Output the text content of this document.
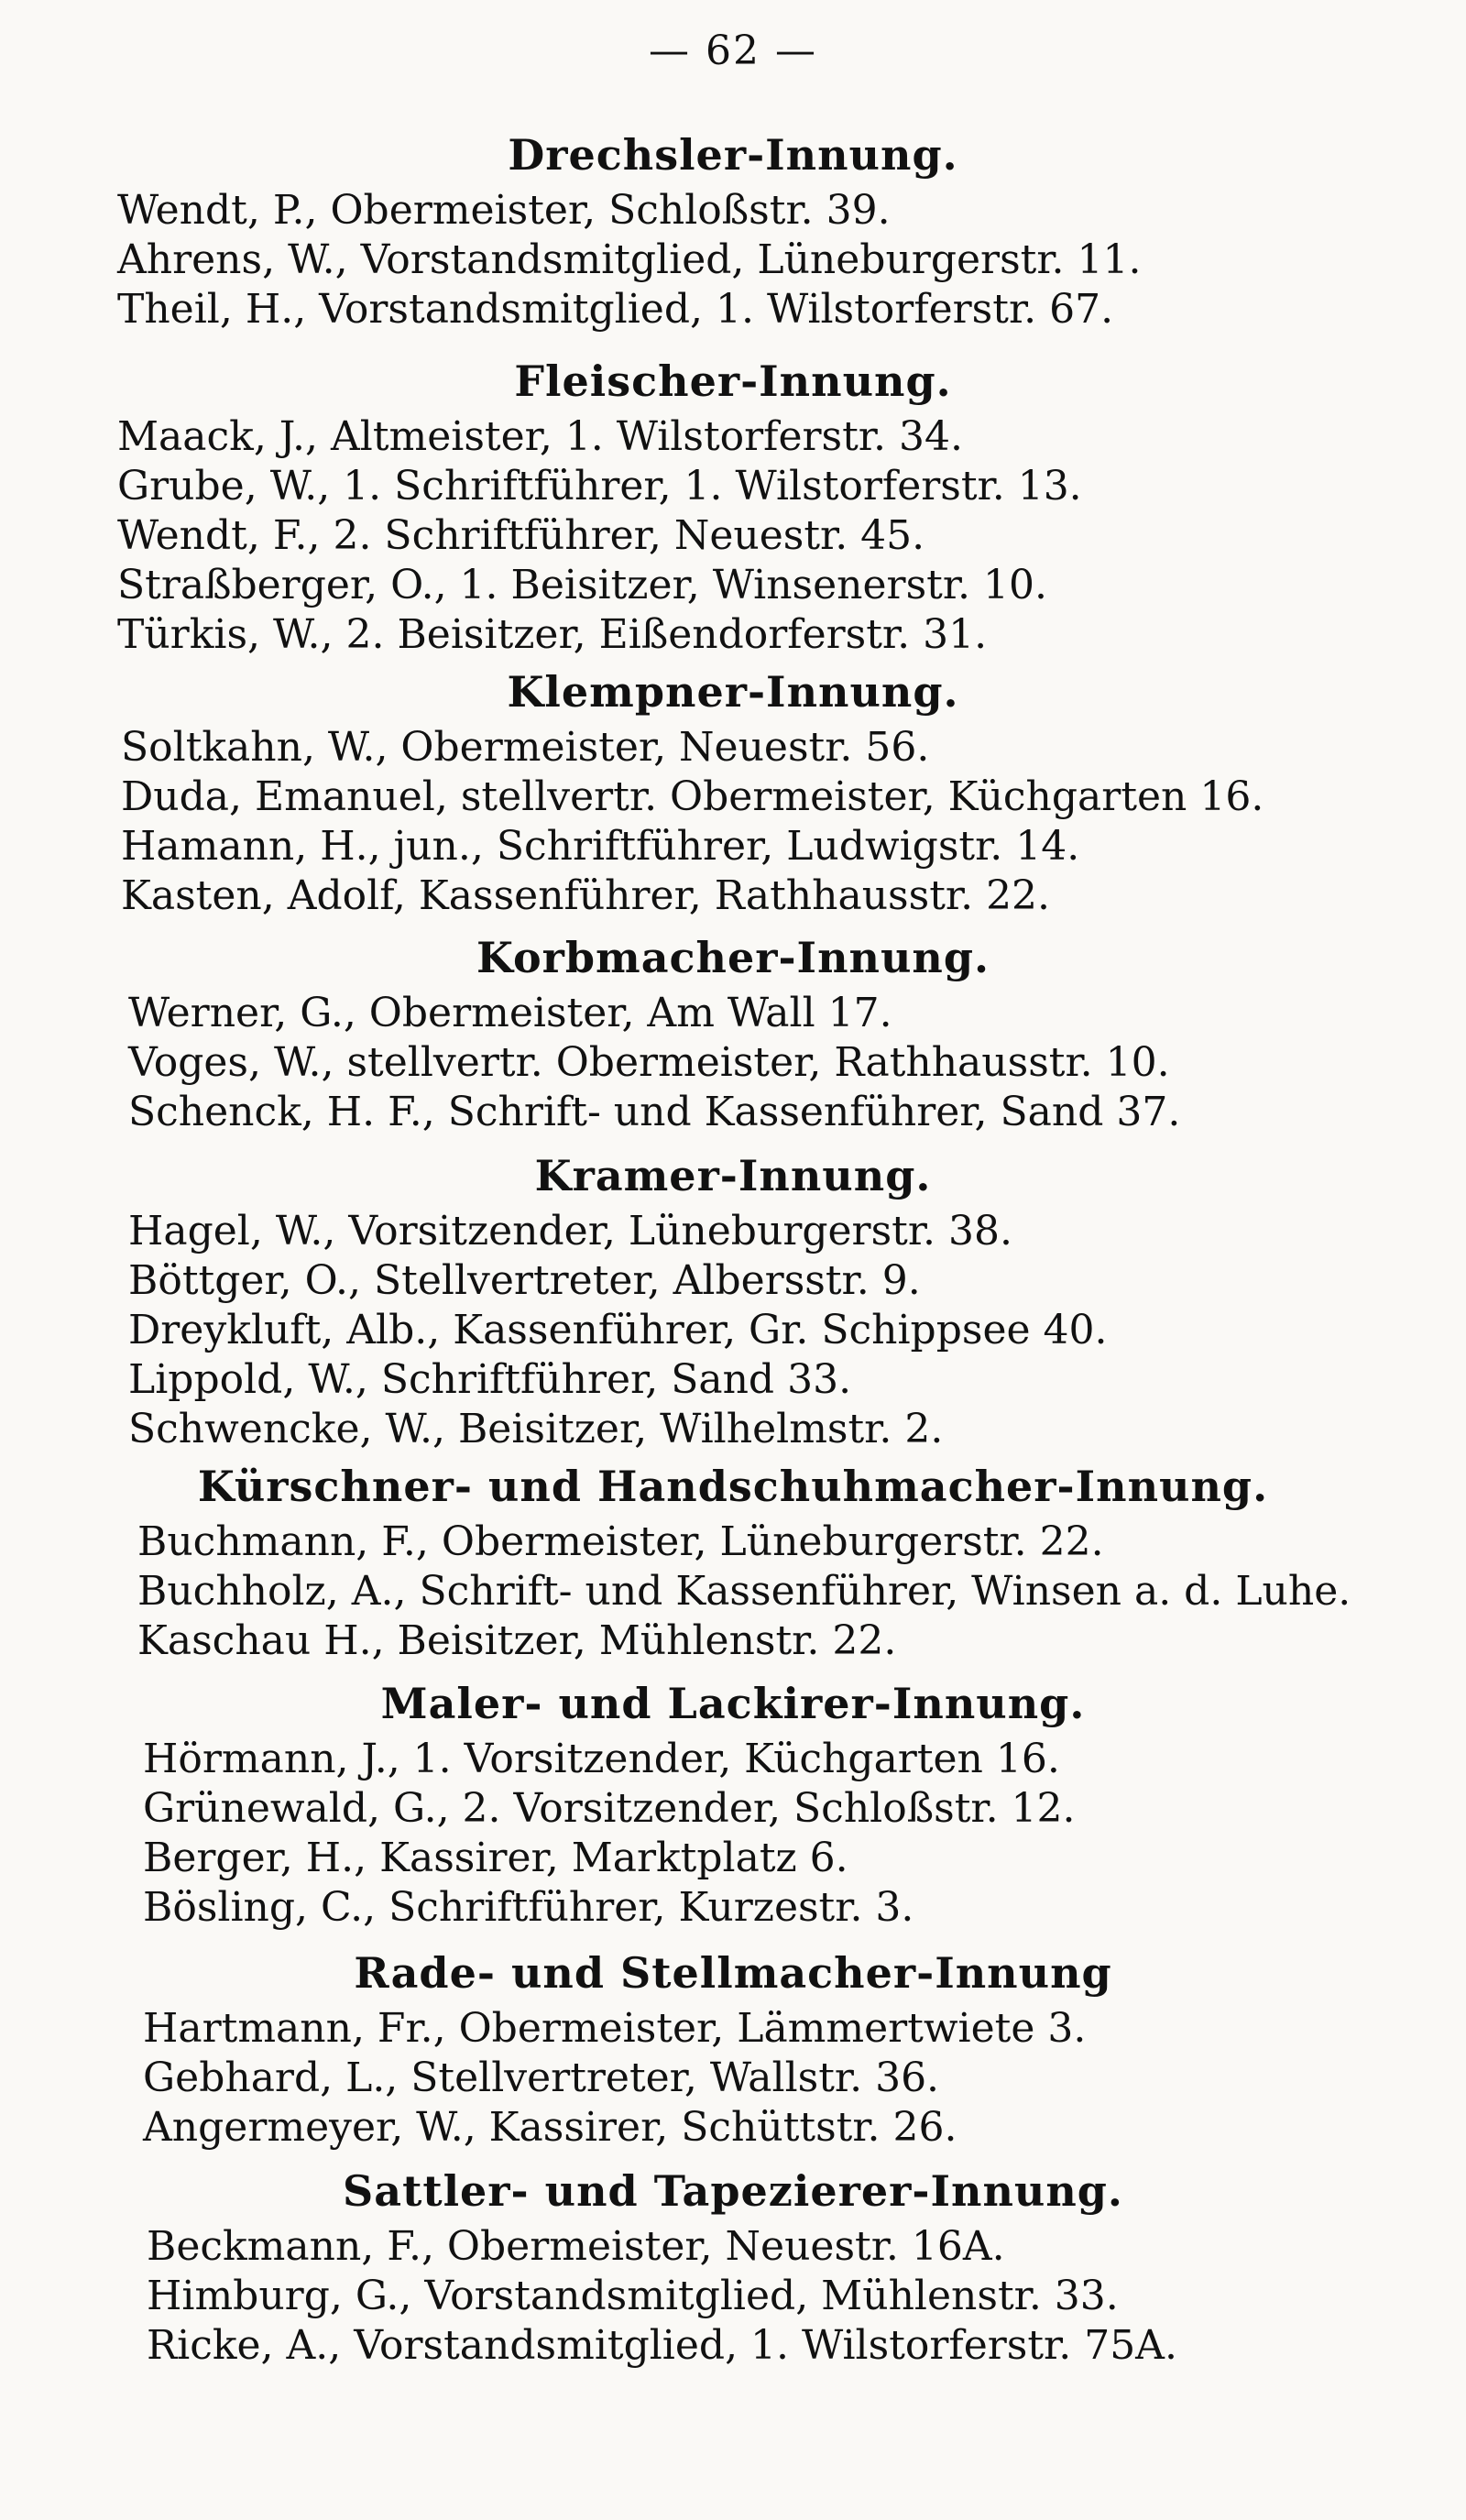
— 62 —
Drechsler-Innung.
Wendt, P., Obermeister, Schloßstr. 39.
Ahrens, W., Vorstandsmitglied, Lüneburgerstr. 11.
Theil, H., Vorstandsmitglied, 1. Wilstorferstr. 67.
Fleischer-Innung.
Maack, J., Altmeister, 1. Wilstorferstr. 34.
Grube, W., 1. Schriftführer, 1. Wilstorferstr. 13.
Wendt, F., 2. Schriftführer, Neuestr. 45.
Straßberger, O., 1. Beisitzer, Winsenerstr. 10.
Türkis, W., 2. Beisitzer, Eißendorferstr. 31.
Klempner-Innung.
Soltkahn, W., Obermeister, Neuestr. 56.
Duda, Emanuel, stellvertr. Obermeister, Küchgarten 16.
Hamann, H., jun., Schriftführer, Ludwigstr. 14.
Kasten, Adolf, Kassenführer, Rathhausstr. 22.
Korbmacher-Innung.
Werner, G., Obermeister, Am Wall 17.
Voges, W., stellvertr. Obermeister, Rathhausstr. 10.
Schenck, H. F., Schrift- und Kassenführer, Sand 37.
Kramer-Innung.
Hagel, W., Vorsitzender, Lüneburgerstr. 38.
Böttger, O., Stellvertreter, Albersstr. 9.
Dreykluft, Alb., Kassenführer, Gr. Schippsee 40.
Lippold, W., Schriftführer, Sand 33.
Schwencke, W., Beisitzer, Wilhelmstr. 2.
Kürschner- und Handschuhmacher-Innung.
Buchmann, F., Obermeister, Lüneburgerstr. 22.
Buchholz, A., Schrift- und Kassenführer, Winsen a. d. Luhe.
Kaschau H., Beisitzer, Mühlenstr. 22.
Maler- und Lackirer-Innung.
Hörmann, J., 1. Vorsitzender, Küchgarten 16.
Grünewald, G., 2. Vorsitzender, Schloßstr. 12.
Berger, H., Kassirer, Marktplatz 6.
Bösling, C., Schriftführer, Kurzestr. 3.
Rade- und Stellmacher-Innung
Hartmann, Fr., Obermeister, Lämmertwiete 3.
Gebhard, L., Stellvertreter, Wallstr. 36.
Angermeyer, W., Kassirer, Schüttstr. 26.
Sattler- und Tapezierer-Innung.
Beckmann, F., Obermeister, Neuestr. 16A.
Himburg, G., Vorstandsmitglied, Mühlenstr. 33.
Ricke, A., Vorstandsmitglied, 1. Wilstorferstr. 75A.
